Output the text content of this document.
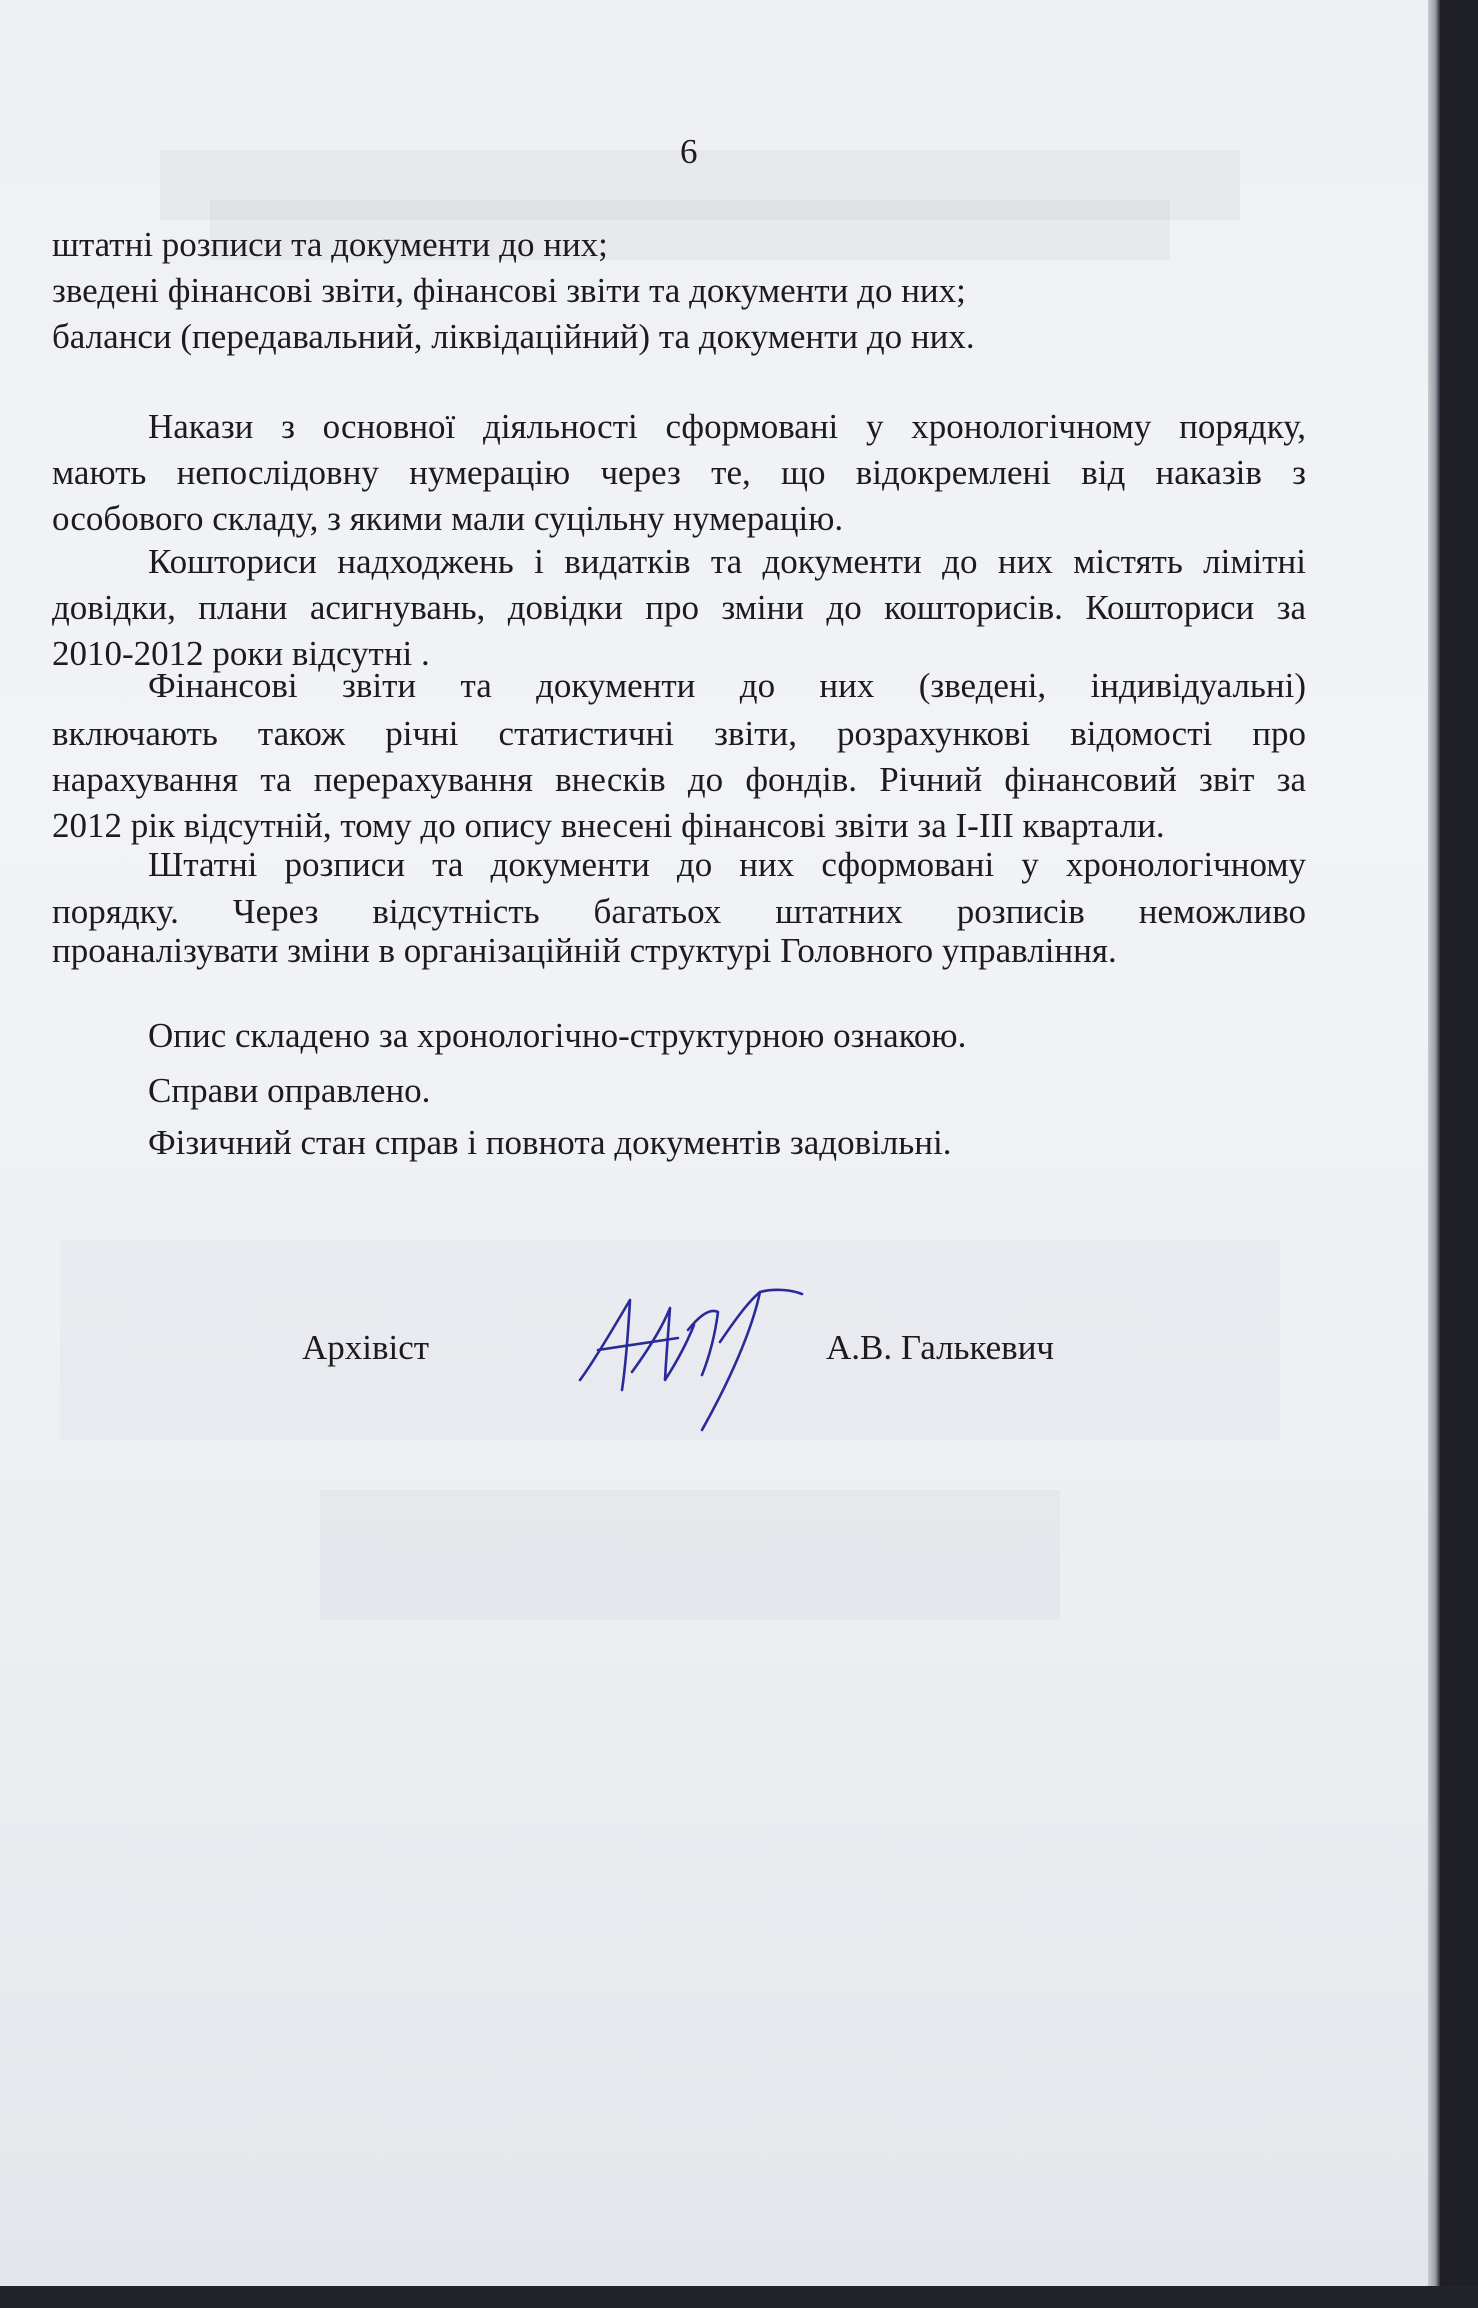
6
штатні розписи та документи до них;
зведені фінансові звіти, фінансові звіти та документи до них;
баланси (передавальний, ліквідаційний) та документи до них.
Накази з основної діяльності сформовані у хронологічному порядку,
мають непослідовну нумерацію через те, що відокремлені від наказів з
особового складу, з якими мали суцільну нумерацію.
Кошториси надходжень і видатків та документи до них містять лімітні
довідки, плани асигнувань, довідки про зміни до кошторисів. Кошториси за
2010-2012 роки відсутні .
Фінансові звіти та документи до них (зведені, індивідуальні)
включають також річні статистичні звіти, розрахункові відомості про
нарахування та перерахування внесків до фондів. Річний фінансовий звіт за
2012 рік відсутній, тому до опису внесені фінансові звіти за І-ІІІ квартали.
Штатні розписи та документи до них сформовані у хронологічному
порядку. Через відсутність багатьох штатних розписів неможливо
проаналізувати зміни в організаційній структурі Головного управління.
Опис складено за хронологічно-структурною ознакою.
Справи оправлено.
Фізичний стан справ і повнота документів задовільні.
Архівіст	А.В. Галькевич
